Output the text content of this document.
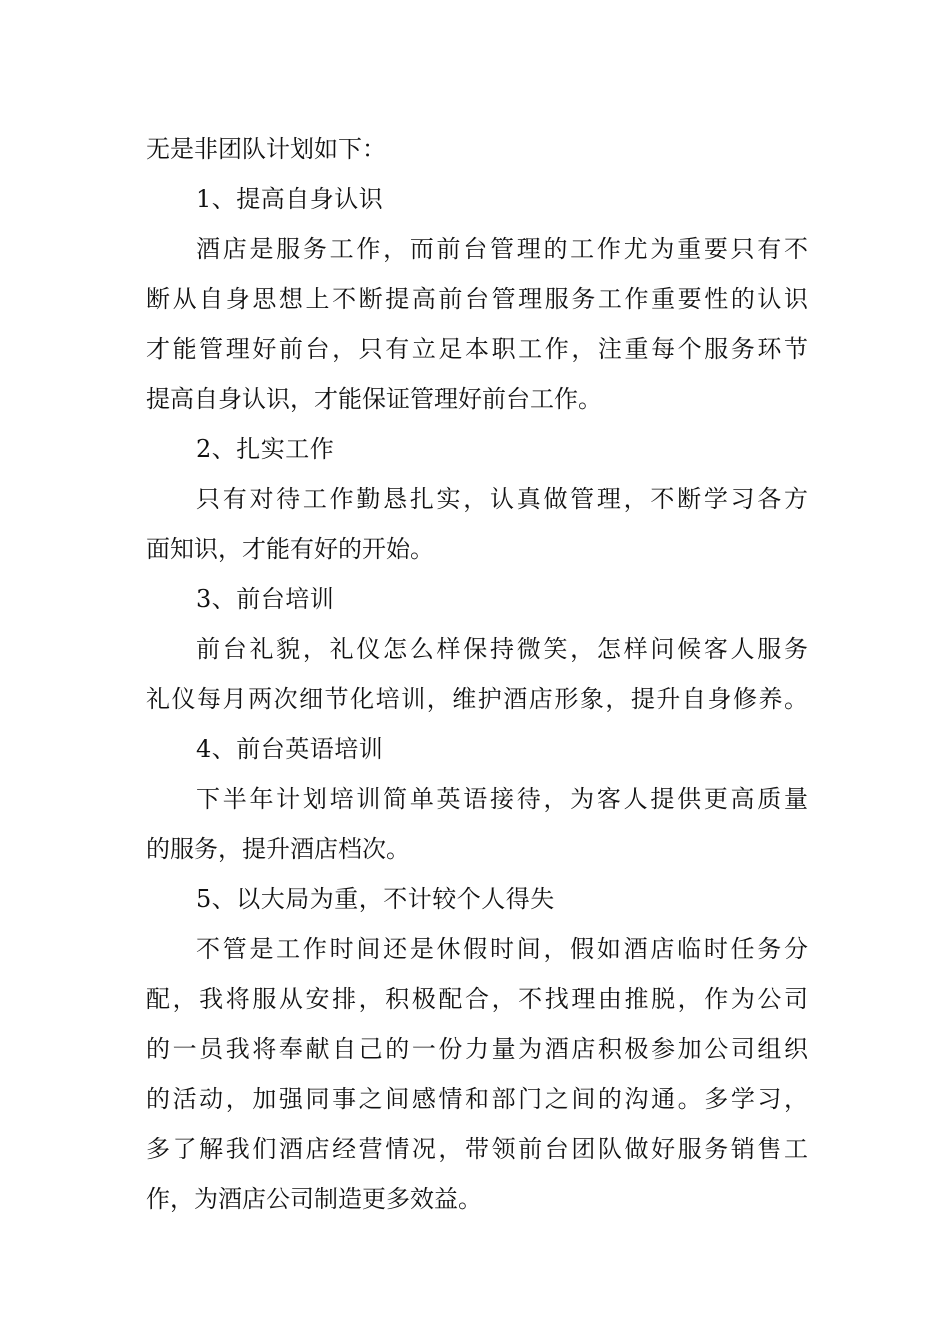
无是非团队计划如下：
1、提高自身认识
酒店是服务工作，而前台管理的工作尤为重要只有不
断从自身思想上不断提高前台管理服务工作重要性的认识
才能管理好前台，只有立足本职工作，注重每个服务环节
提高自身认识，才能保证管理好前台工作。
2、扎实工作
只有对待工作勤恳扎实，认真做管理，不断学习各方
面知识，才能有好的开始。
3、前台培训
前台礼貌，礼仪怎么样保持微笑，怎样问候客人服务
礼仪每月两次细节化培训，维护酒店形象，提升自身修养。
4、前台英语培训
下半年计划培训简单英语接待，为客人提供更高质量
的服务，提升酒店档次。
5、以大局为重，不计较个人得失
不管是工作时间还是休假时间，假如酒店临时任务分
配，我将服从安排，积极配合，不找理由推脱，作为公司
的一员我将奉献自己的一份力量为酒店积极参加公司组织
的活动，加强同事之间感情和部门之间的沟通。多学习，
多了解我们酒店经营情况，带领前台团队做好服务销售工
作，为酒店公司制造更多效益。
